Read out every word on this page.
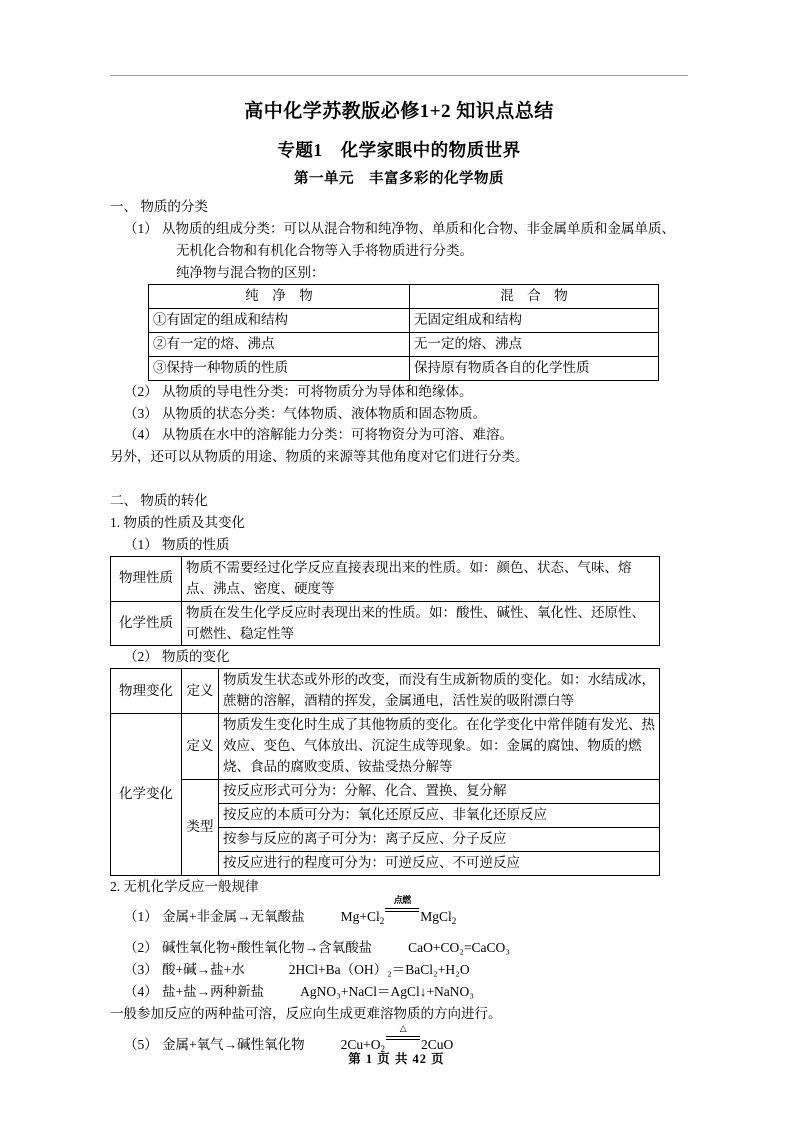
高中化学苏教版必修1+2 知识点总结
专题1　化学家眼中的物质世界
第一单元　丰富多彩的化学物质

一、 物质的分类

（1） 从物质的组成分类：可以从混合物和纯净物、单质和化合物、非金属单质和金属单质、

无机化合物和有机化合物等入手将物质进行分类。

纯净物与混合物的区别：

纯　净　物	混　合　物
①有固定的组成和结构	无固定组成和结构
②有一定的熔、沸点	无一定的熔、沸点
③保持一种物质的性质	保持原有物质各自的化学性质
（2） 从物质的导电性分类：可将物质分为导体和绝缘体。
（3） 从物质的状态分类：气体物质、液体物质和固态物质。
（4） 从物质在水中的溶解能力分类：可将物资分为可溶、难溶。

另外，还可以从物质的用途、物质的来源等其他角度对它们进行分类。

二、 物质的转化

1. 物质的性质及其变化

（1） 物质的性质
物理性质	物质不需要经过化学反应直接表现出来的性质。如：颜色、状态、气味、熔点、沸点、密度、硬度等
化学性质	物质在发生化学反应时表现出来的性质。如：酸性、碱性、氧化性、还原性、可燃性、稳定性等
（2） 物质的变化
物理变化	定义	物质发生状态或外形的改变，而没有生成新物质的变化。如：水结成冰，蔗糖的溶解，酒精的挥发，金属通电，活性炭的吸附漂白等
化学变化	定义	物质发生变化时生成了其他物质的变化。在化学变化中常伴随有发光、热效应、变色、气体放出、沉淀生成等现象。如：金属的腐蚀、物质的燃烧、食品的腐败变质、铵盐受热分解等
	类型	按反应形式可分为：分解、化合、置换、复分解
		按反应的本质可分为：氧化还原反应、非氧化还原反应
		按参与反应的离子可分为：离子反应、分子反应
		按反应进行的程度可分为：可逆反应、不可逆反应

2. 无机化学反应一般规律

（1） 金属+非金属→无氧酸盐	$Mg+Cl_2$
点燃
MgCl$_2$
（2） 碱性氧化物+酸性氧化物→含氧酸盐	CaO+CO₂=CaCO₃
（3） 酸+碱→盐+水	2HCl+Ba（OH）₂＝BaCl₂+H₂O
（4） 盐+盐→两种新盐	AgNO₃+NaCl＝AgCl↓+NaNO₃

一般参加反应的两种盐可溶，反应向生成更难溶物质的方向进行。

（5） 金属+氧气→碱性氧化物	$2Cu+O_2$
△
2CuO
第 1 页 共 42 页
